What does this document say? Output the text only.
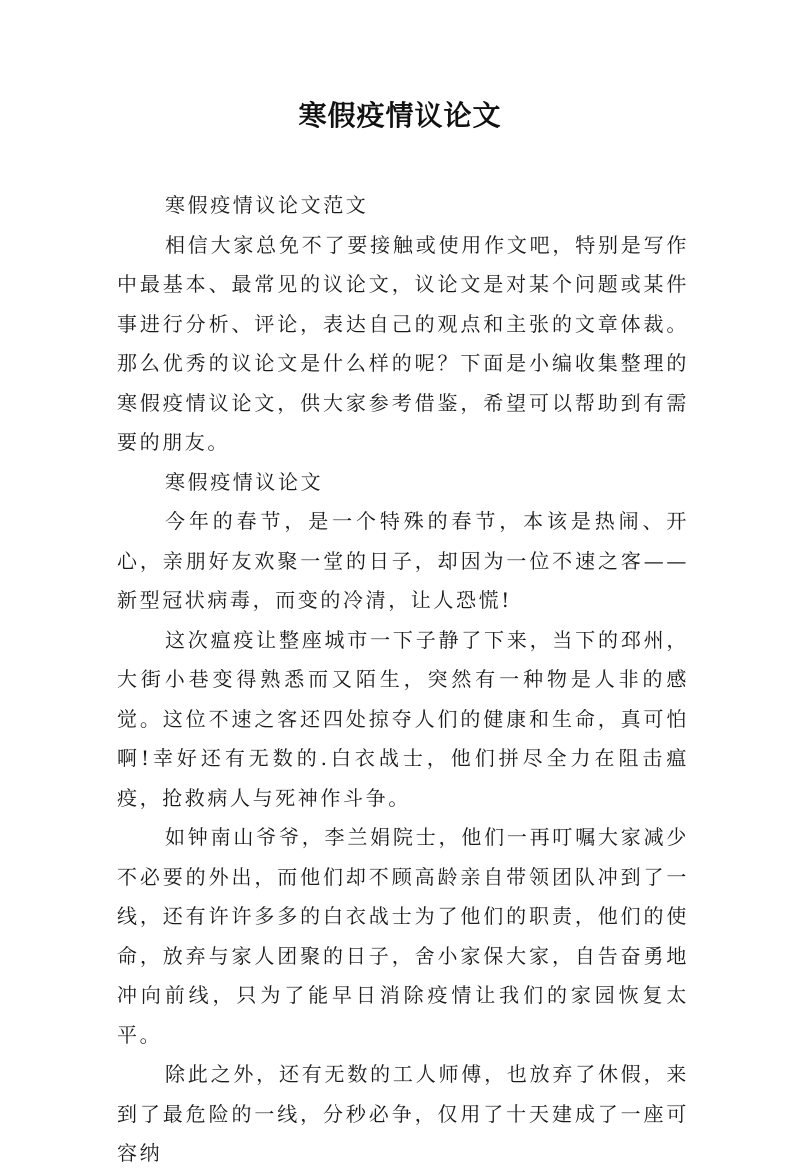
寒假疫情议论文

寒假疫情议论文范文

相信大家总免不了要接触或使用作文吧，特别是写作中最基本、最常见的议论文，议论文是对某个问题或某件事进行分析、评论，表达自己的观点和主张的文章体裁。那么优秀的议论文是什么样的呢？下面是小编收集整理的寒假疫情议论文，供大家参考借鉴，希望可以帮助到有需要的朋友。

寒假疫情议论文

今年的春节，是一个特殊的春节，本该是热闹、开心，亲朋好友欢聚一堂的日子，却因为一位不速之客——新型冠状病毒，而变的冷清，让人恐慌!

这次瘟疫让整座城市一下子静了下来，当下的邳州，大街小巷变得熟悉而又陌生，突然有一种物是人非的感觉。这位不速之客还四处掠夺人们的健康和生命，真可怕啊!幸好还有无数的.白衣战士，他们拼尽全力在阻击瘟疫，抢救病人与死神作斗争。

如钟南山爷爷，李兰娟院士，他们一再叮嘱大家减少不必要的外出，而他们却不顾高龄亲自带领团队冲到了一线，还有许许多多的白衣战士为了他们的职责，他们的使命，放弃与家人团聚的日子，舍小家保大家，自告奋勇地冲向前线，只为了能早日消除疫情让我们的家园恢复太平。

除此之外，还有无数的工人师傅，也放弃了休假，来到了最危险的一线，分秒必争，仅用了十天建成了一座可容纳
